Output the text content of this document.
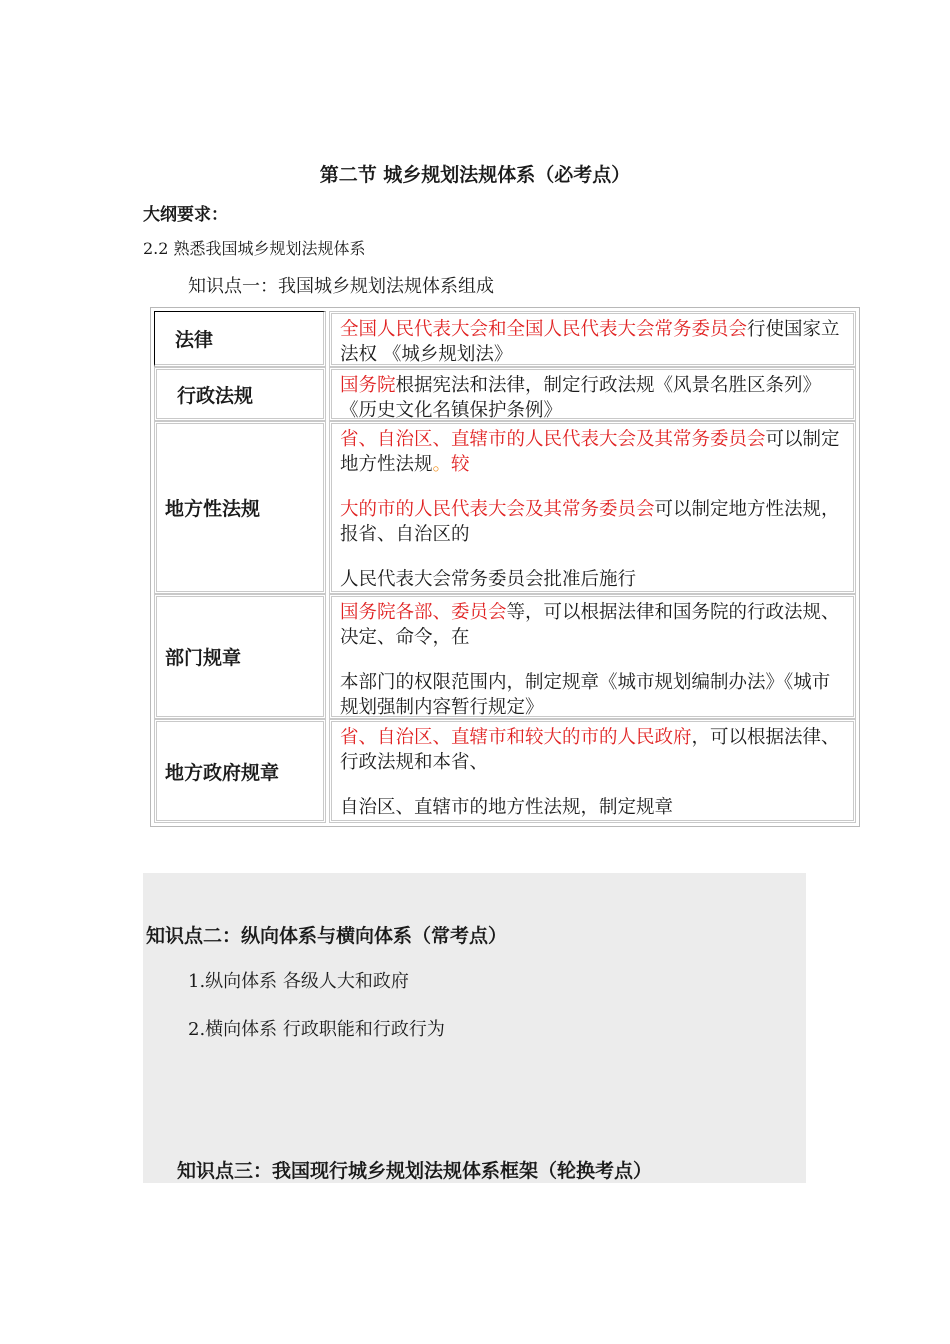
第二节 城乡规划法规体系（必考点）
大纲要求：
2.2 熟悉我国城乡规划法规体系
知识点一：我国城乡规划法规体系组成
法律	全国人民代表大会和全国人民代表大会常务委员会行使国家立法权 《城乡规划法》
行政法规	国务院根据宪法和法律，制定行政法规《风景名胜区条列》《历史文化名镇保护条例》
地方性法规
省、自治区、直辖市的人民代表大会及其常务委员会可以制定地方性法规。较
大的市的人民代表大会及其常务委员会可以制定地方性法规，报省、自治区的
人民代表大会常务委员会批准后施行
部门规章
国务院各部、委员会等，可以根据法律和国务院的行政法规、决定、命令，在
本部门的权限范围内，制定规章《城市规划编制办法》《城市规划强制内容暂行规定》
地方政府规章
省、自治区、直辖市和较大的市的人民政府，可以根据法律、行政法规和本省、
自治区、直辖市的地方性法规，制定规章
知识点二：纵向体系与横向体系（常考点）
1.纵向体系 各级人大和政府
2.横向体系 行政职能和行政行为
知识点三：我国现行城乡规划法规体系框架（轮换考点）
